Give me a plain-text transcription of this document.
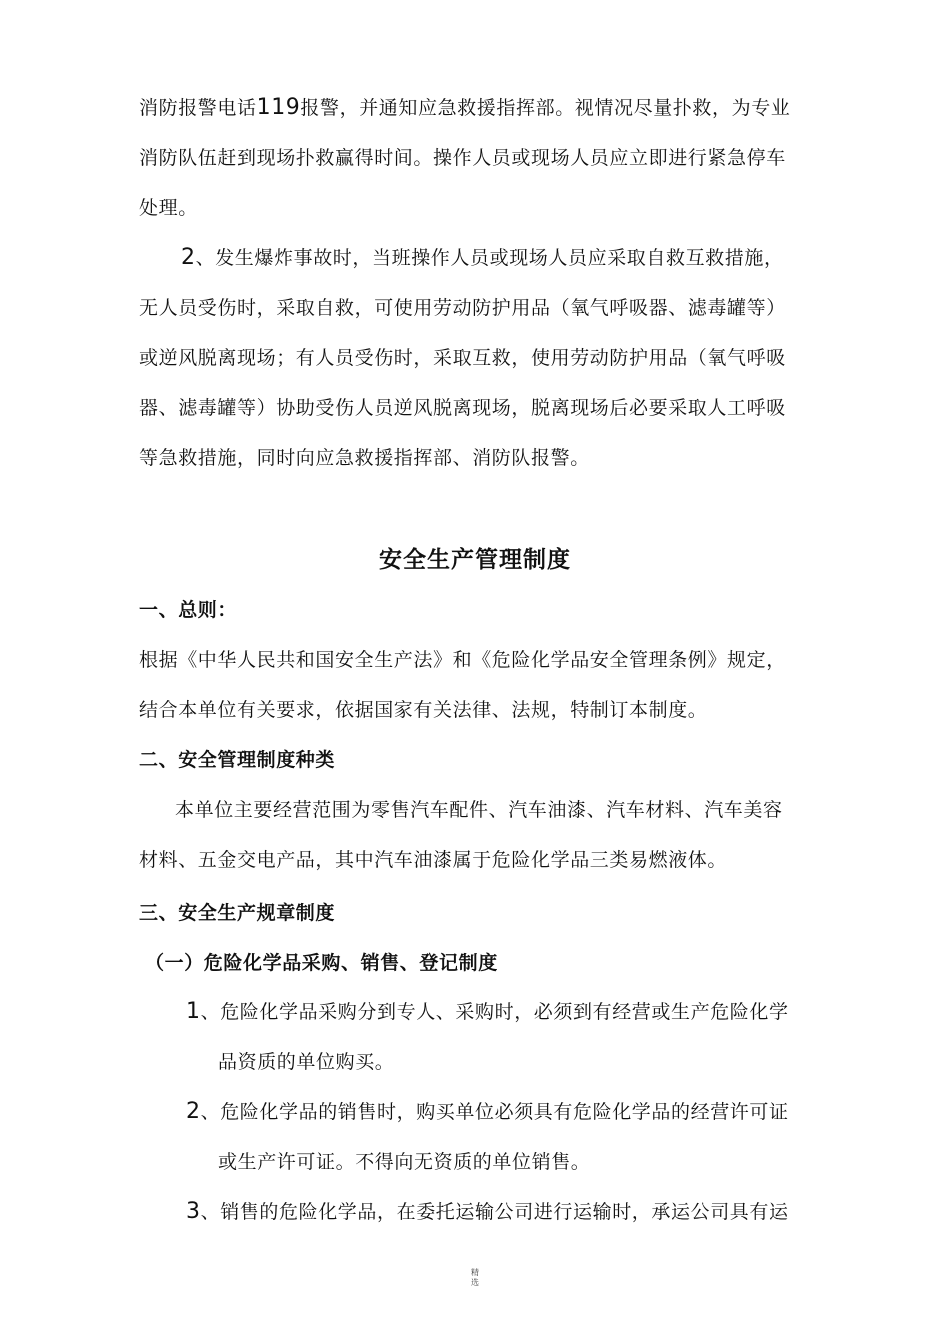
消防报警电话119报警，并通知应急救援指挥部。视情况尽量扑救，为专业
消防队伍赶到现场扑救赢得时间。操作人员或现场人员应立即进行紧急停车
处理。
2、发生爆炸事故时，当班操作人员或现场人员应采取自救互救措施，
无人员受伤时，采取自救，可使用劳动防护用品（氧气呼吸器、滤毒罐等）
或逆风脱离现场；有人员受伤时，采取互救，使用劳动防护用品（氧气呼吸
器、滤毒罐等）协助受伤人员逆风脱离现场，脱离现场后必要采取人工呼吸
等急救措施，同时向应急救援指挥部、消防队报警。
安全生产管理制度
一、总则：
根据《中华人民共和国安全生产法》和《危险化学品安全管理条例》规定，
结合本单位有关要求，依据国家有关法律、法规，特制订本制度。
二、安全管理制度种类
本单位主要经营范围为零售汽车配件、汽车油漆、汽车材料、汽车美容
材料、五金交电产品，其中汽车油漆属于危险化学品三类易燃液体。
三、安全生产规章制度
（一）危险化学品采购、销售、登记制度
1、危险化学品采购分到专人、采购时，必须到有经营或生产危险化学
品资质的单位购买。
2、危险化学品的销售时，购买单位必须具有危险化学品的经营许可证
或生产许可证。不得向无资质的单位销售。
3、销售的危险化学品，在委托运输公司进行运输时，承运公司具有运
精
选
